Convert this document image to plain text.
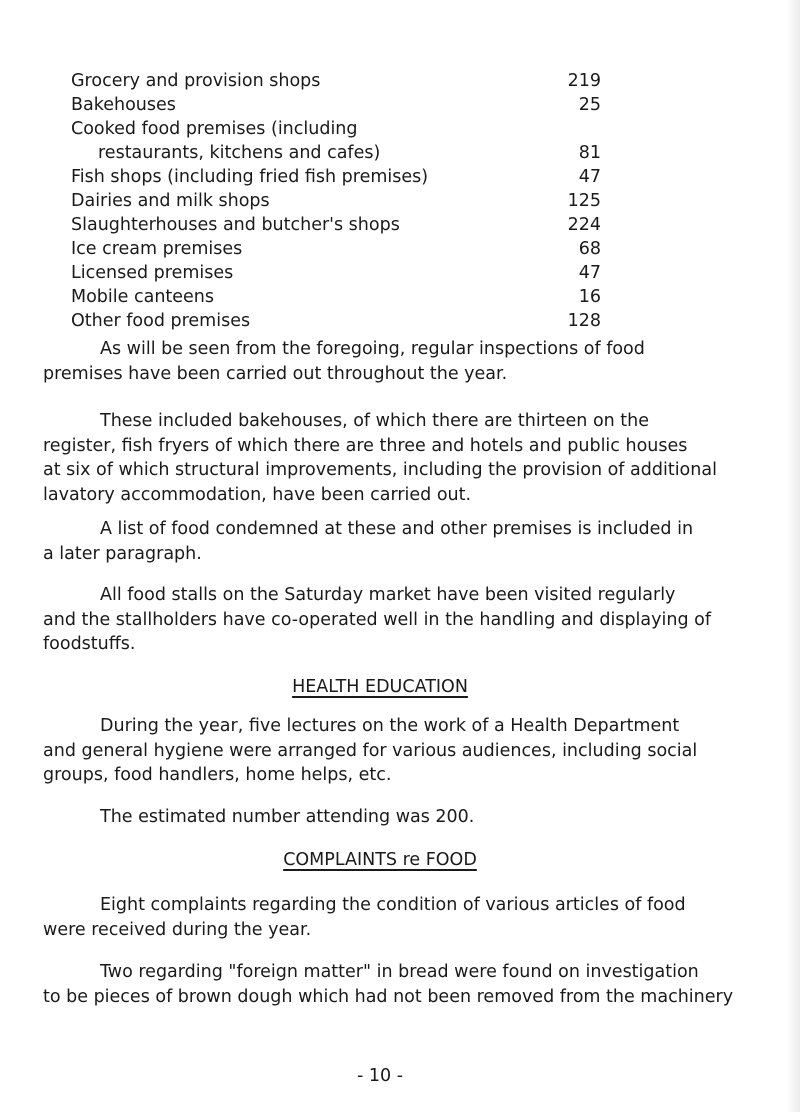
Grocery and provision shops	219
Bakehouses	25
Cooked food premises (including
restaurants, kitchens and cafes)	81
Fish shops (including fried fish premises)	47
Dairies and milk shops	125
Slaughterhouses and butcher's shops	224
Ice cream premises	68
Licensed premises	47
Mobile canteens	16
Other food premises	128

As will be seen from the foregoing, regular inspections of food
premises have been carried out throughout the year.

These included bakehouses, of which there are thirteen on the
register, fish fryers of which there are three and hotels and public houses
at six of which structural improvements, including the provision of additional
lavatory accommodation, have been carried out.

A list of food condemned at these and other premises is included in
a later paragraph.

All food stalls on the Saturday market have been visited regularly
and the stallholders have co-operated well in the handling and displaying of
foodstuffs.

HEALTH EDUCATION

During the year, five lectures on the work of a Health Department
and general hygiene were arranged for various audiences, including social
groups, food handlers, home helps, etc.

The estimated number attending was 200.

COMPLAINTS re FOOD

Eight complaints regarding the condition of various articles of food
were received during the year.

Two regarding "foreign matter" in bread were found on investigation
to be pieces of brown dough which had not been removed from the machinery

- 10 -
